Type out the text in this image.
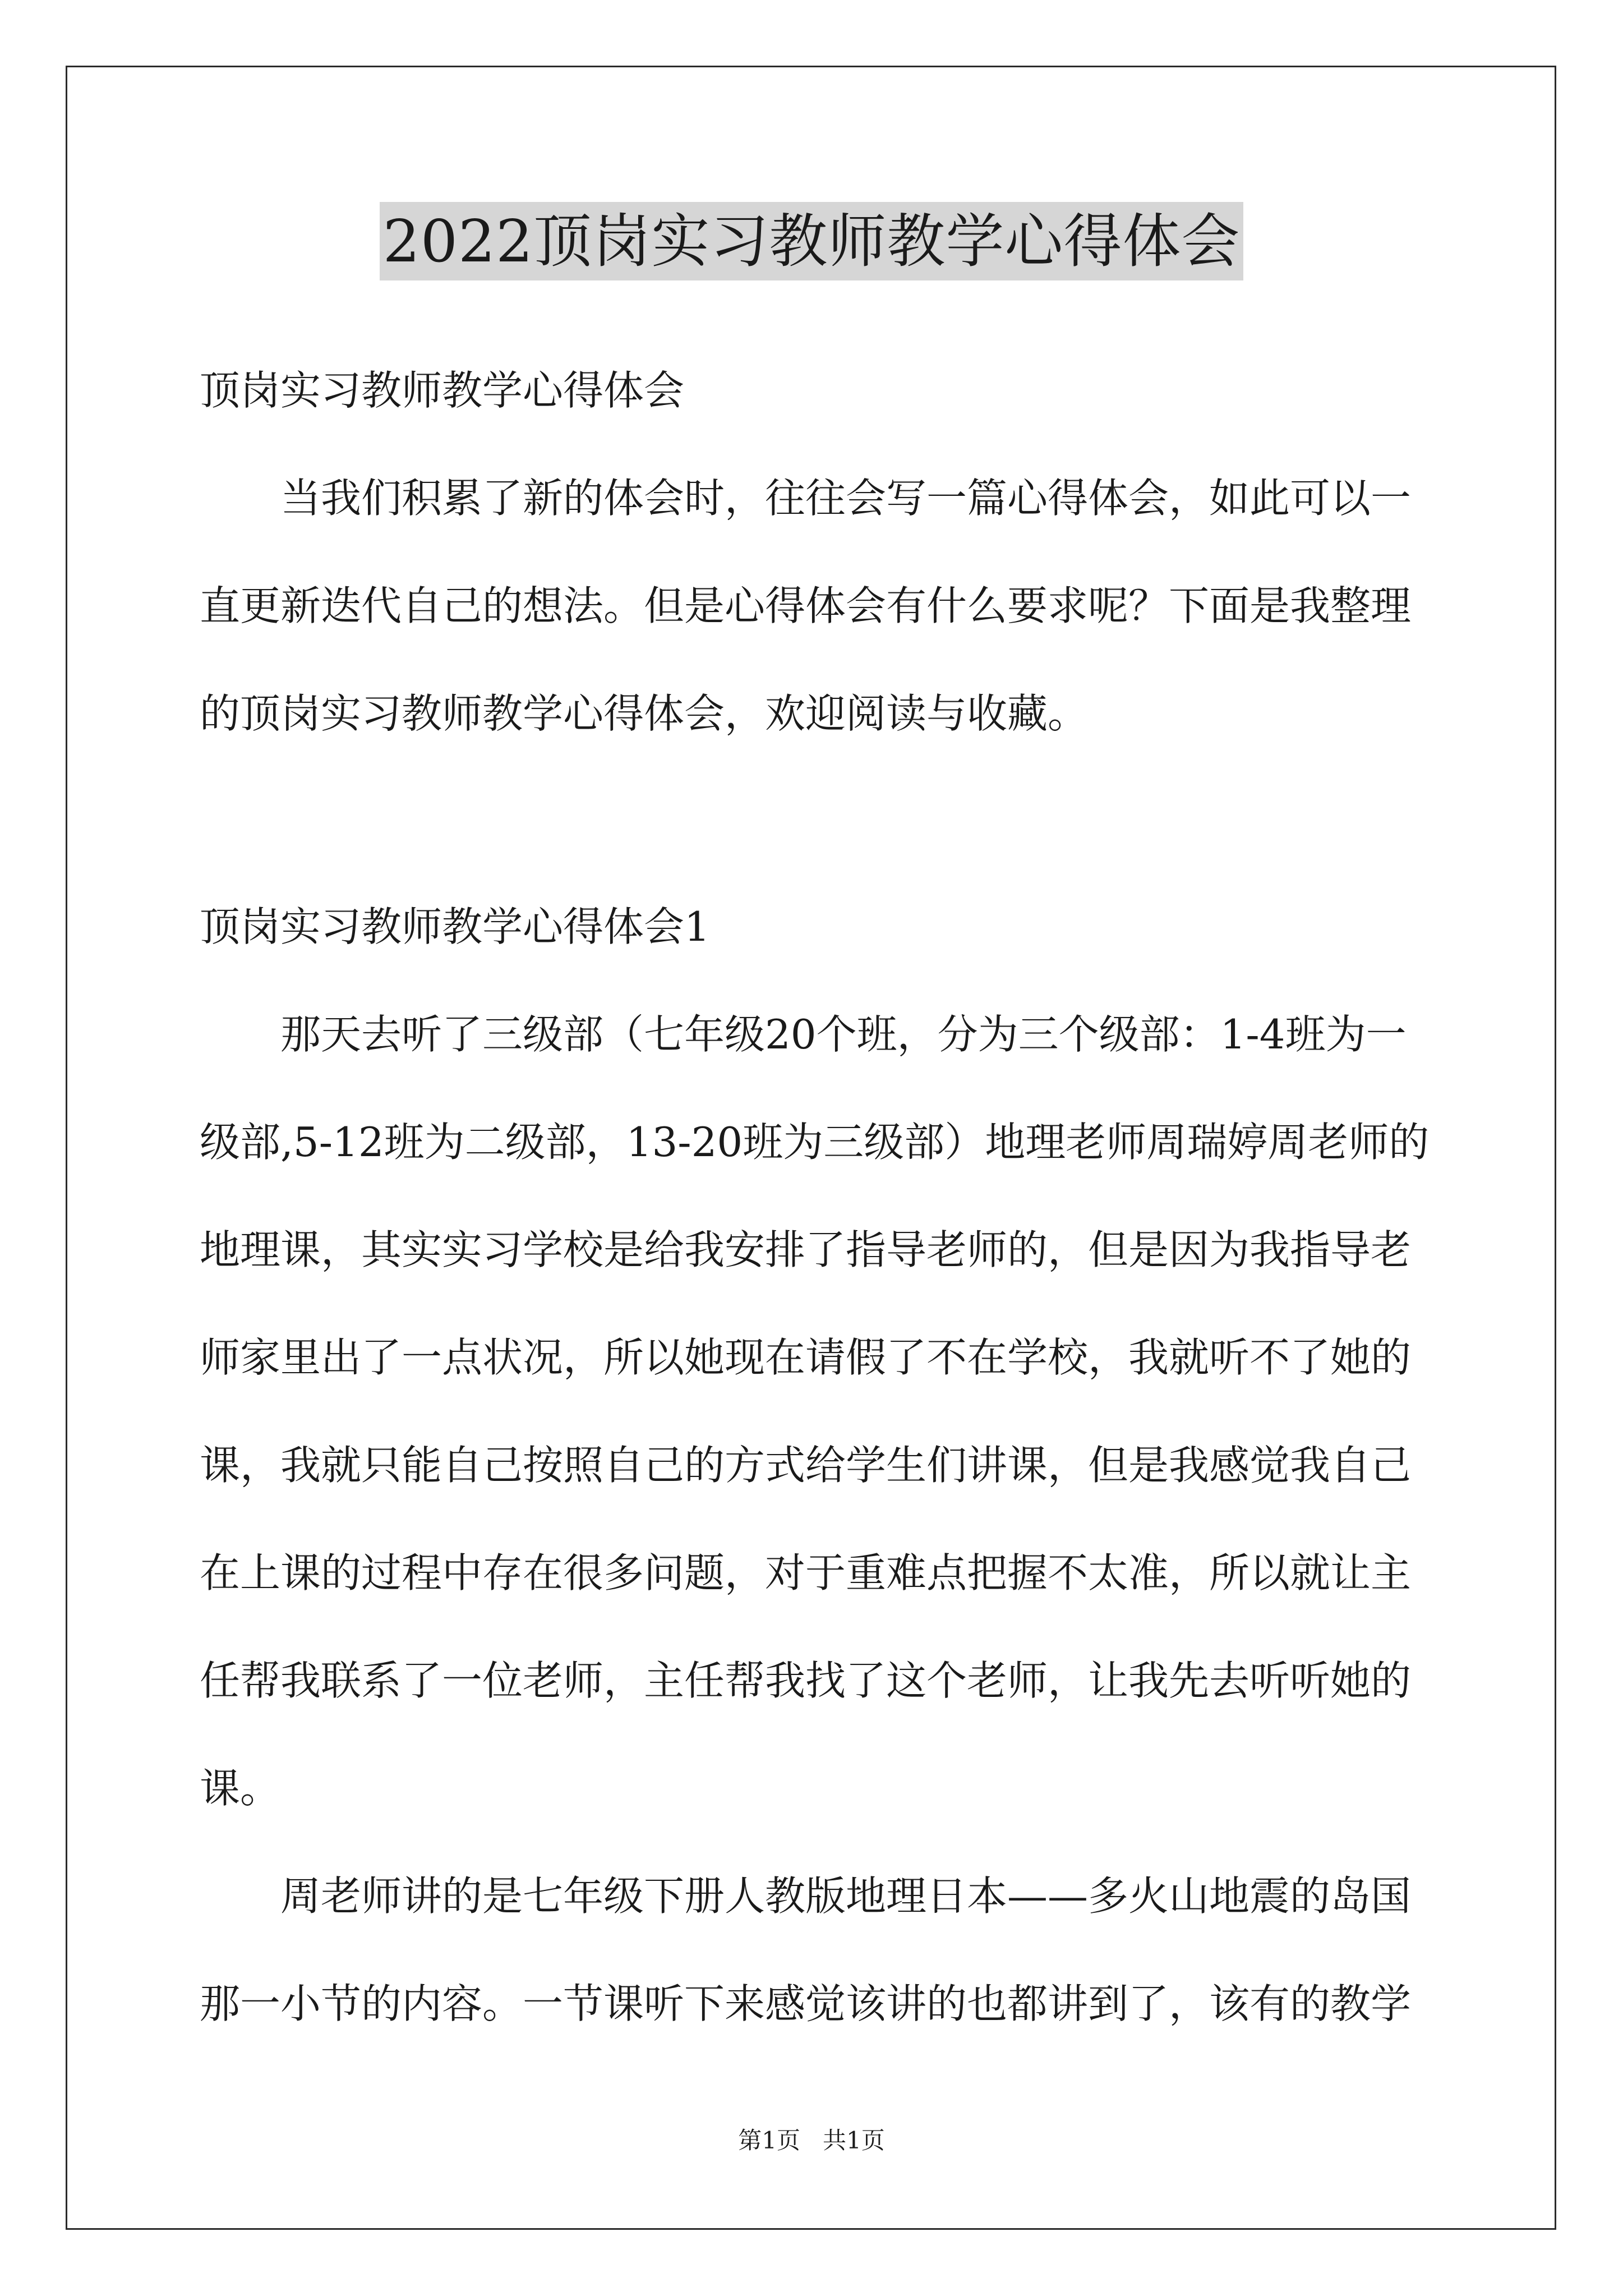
2022顶岗实习教师教学心得体会
顶岗实习教师教学心得体会
当我们积累了新的体会时，往往会写一篇心得体会，如此可以一
直更新迭代自己的想法。但是心得体会有什么要求呢？下面是我整理
的顶岗实习教师教学心得体会，欢迎阅读与收藏。
顶岗实习教师教学心得体会1
那天去听了三级部（七年级20个班，分为三个级部：1-4班为一
级部,5-12班为二级部，13-20班为三级部）地理老师周瑞婷周老师的
地理课，其实实习学校是给我安排了指导老师的，但是因为我指导老
师家里出了一点状况，所以她现在请假了不在学校，我就听不了她的
课，我就只能自己按照自己的方式给学生们讲课，但是我感觉我自己
在上课的过程中存在很多问题，对于重难点把握不太准，所以就让主
任帮我联系了一位老师，主任帮我找了这个老师，让我先去听听她的
课。
周老师讲的是七年级下册人教版地理日本——多火山地震的岛国
那一小节的内容。一节课听下来感觉该讲的也都讲到了，该有的教学
第1页   共1页
